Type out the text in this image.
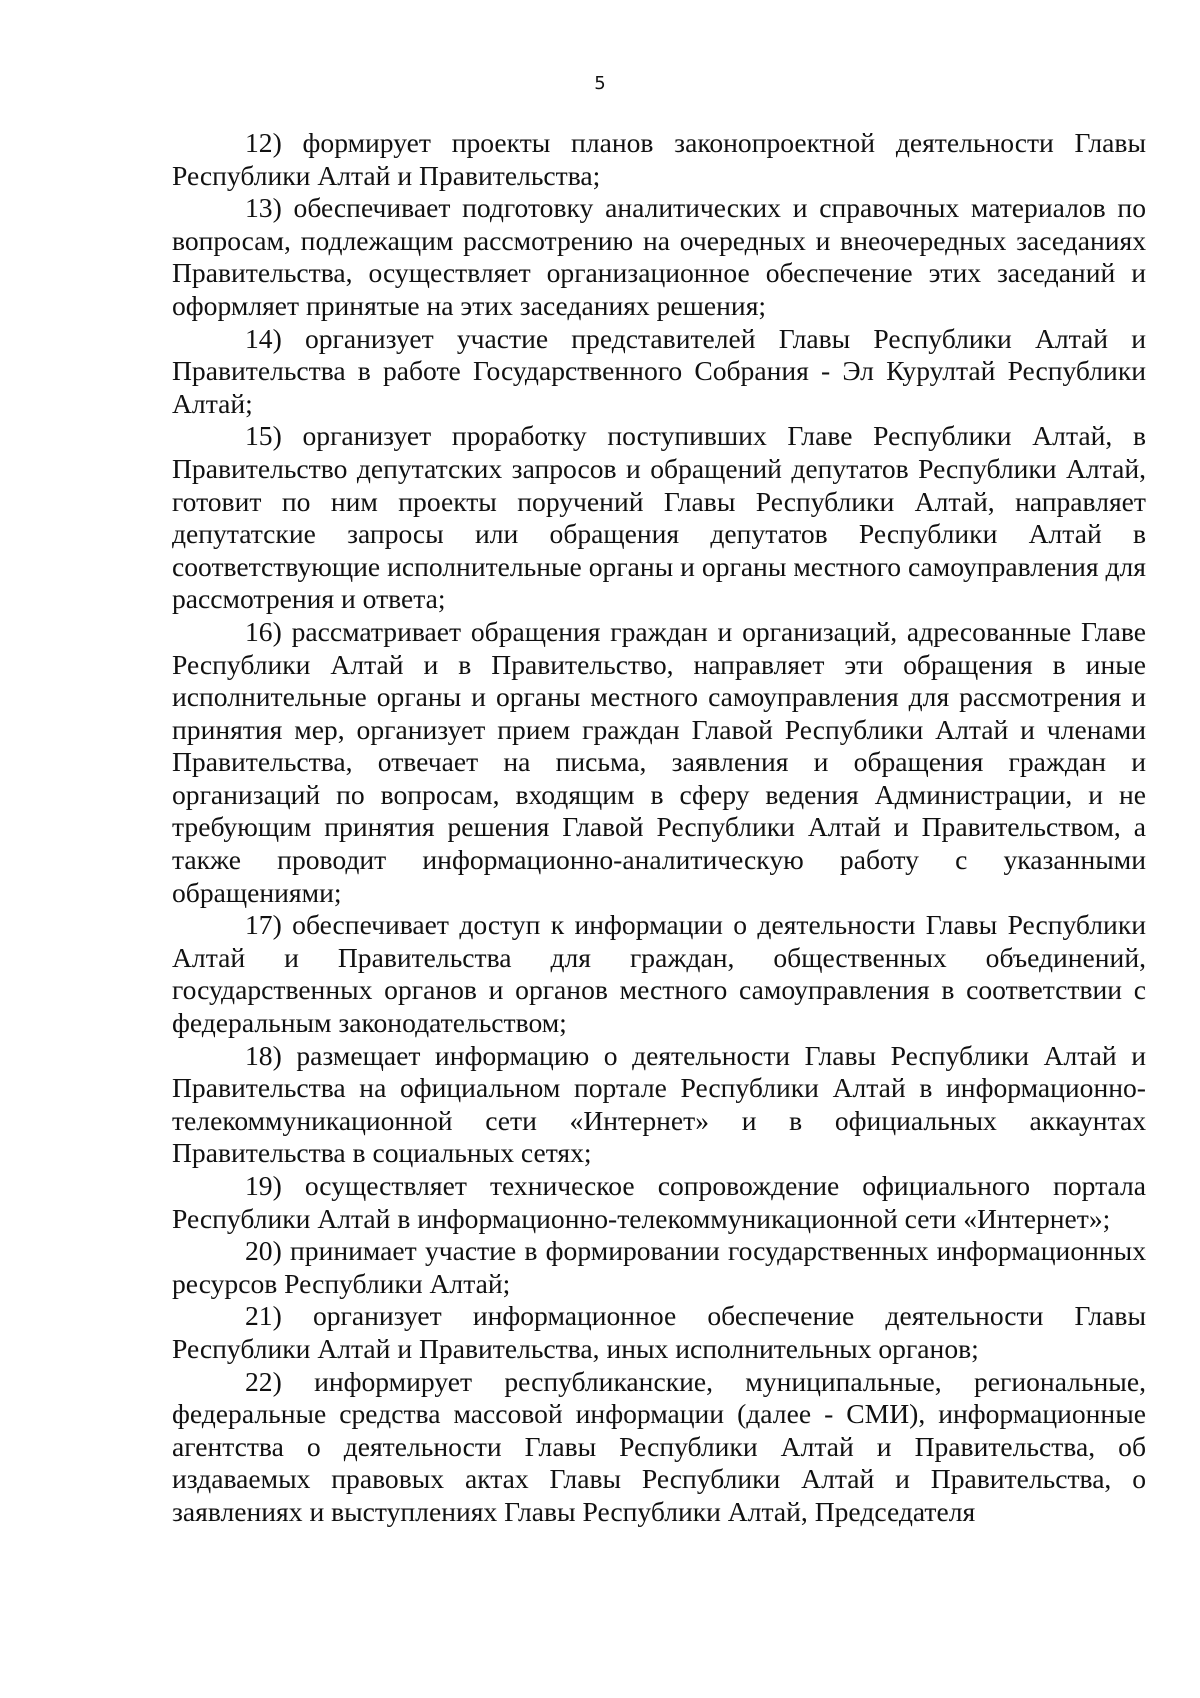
5

12) формирует проекты планов законопроектной деятельности Главы Республики Алтай и Правительства;

13) обеспечивает подготовку аналитических и справочных материалов по вопросам, подлежащим рассмотрению на очередных и внеочередных заседаниях Правительства, осуществляет организационное обеспечение этих заседаний и оформляет принятые на этих заседаниях решения;

14) организует участие представителей Главы Республики Алтай и Правительства в работе Государственного Собрания - Эл Курултай Республики Алтай;

15) организует проработку поступивших Главе Республики Алтай, в Правительство депутатских запросов и обращений депутатов Республики Алтай, готовит по ним проекты поручений Главы Республики Алтай, направляет депутатские запросы или обращения депутатов Республики Алтай в соответствующие исполнительные органы и органы местного самоуправления для рассмотрения и ответа;

16) рассматривает обращения граждан и организаций, адресованные Главе Республики Алтай и в Правительство, направляет эти обращения в иные исполнительные органы и органы местного самоуправления для рассмотрения и принятия мер, организует прием граждан Главой Республики Алтай и членами Правительства, отвечает на письма, заявления и обращения граждан и организаций по вопросам, входящим в сферу ведения Администрации, и не требующим принятия решения Главой Республики Алтай и Правительством, а также проводит информационно-аналитическую работу с указанными обращениями;

17) обеспечивает доступ к информации о деятельности Главы Республики Алтай и Правительства для граждан, общественных объединений, государственных органов и органов местного самоуправления в соответствии с федеральным законодательством;

18) размещает информацию о деятельности Главы Республики Алтай и Правительства на официальном портале Республики Алтай в информационно-телекоммуникационной сети «Интернет» и в официальных аккаунтах Правительства в социальных сетях;

19) осуществляет техническое сопровождение официального портала Республики Алтай в информационно-телекоммуникационной сети «Интернет»;

20) принимает участие в формировании государственных информационных ресурсов Республики Алтай;

21) организует информационное обеспечение деятельности Главы Республики Алтай и Правительства, иных исполнительных органов;

22) информирует республиканские, муниципальные, региональные, федеральные средства массовой информации (далее - СМИ), информационные агентства о деятельности Главы Республики Алтай и Правительства, об издаваемых правовых актах Главы Республики Алтай и Правительства, о заявлениях и выступлениях Главы Республики Алтай, Председателя
